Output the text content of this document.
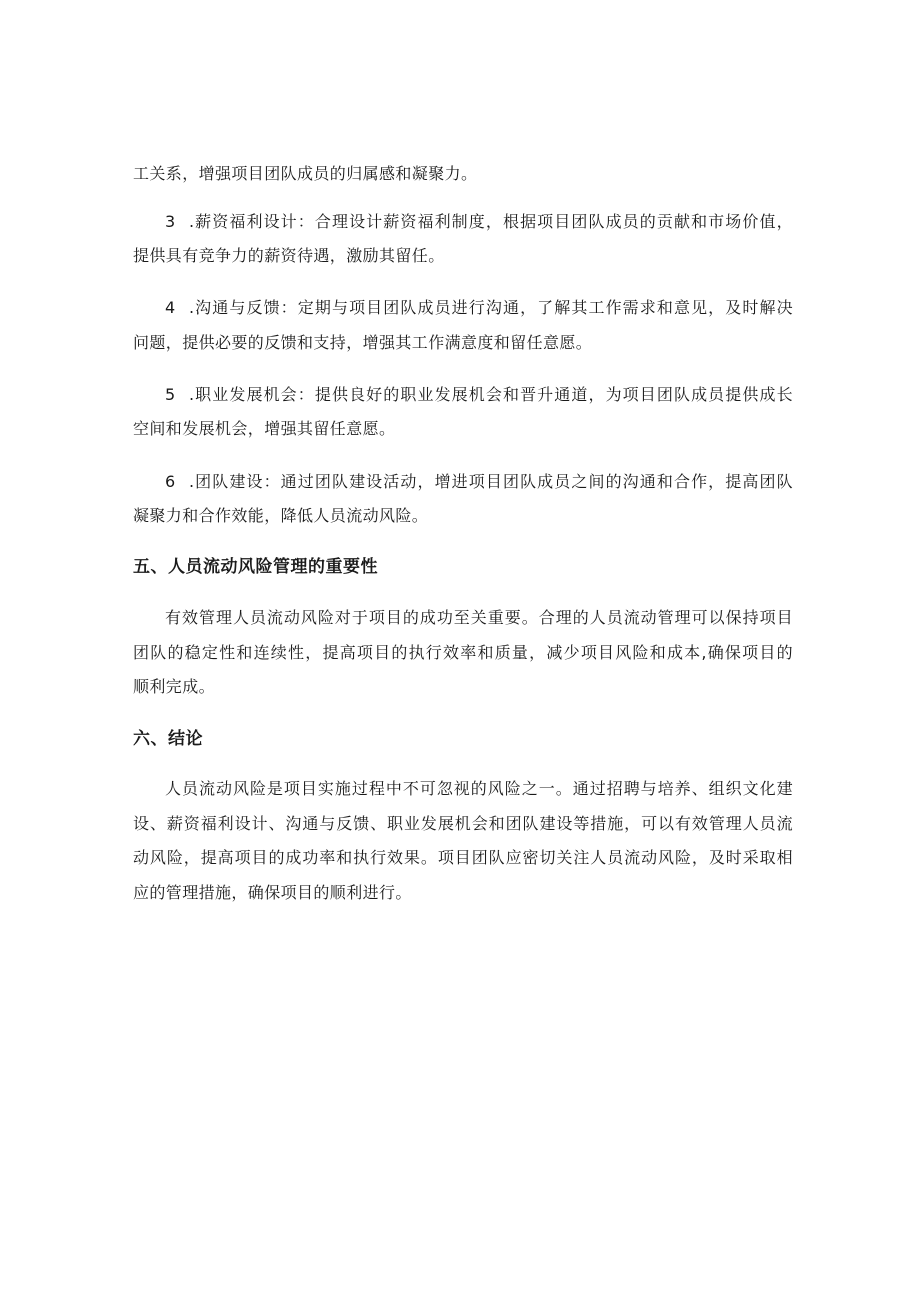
工关系，增强项目团队成员的归属感和凝聚力。
3 .薪资福利设计：合理设计薪资福利制度，根据项目团队成员的贡献和市场价值，
提供具有竞争力的薪资待遇，激励其留任。
4 .沟通与反馈：定期与项目团队成员进行沟通，了解其工作需求和意见，及时解决
问题，提供必要的反馈和支持，增强其工作满意度和留任意愿。
5 .职业发展机会：提供良好的职业发展机会和晋升通道，为项目团队成员提供成长
空间和发展机会，增强其留任意愿。
6 .团队建设：通过团队建设活动，增进项目团队成员之间的沟通和合作，提高团队
凝聚力和合作效能，降低人员流动风险。
五、人员流动风险管理的重要性
有效管理人员流动风险对于项目的成功至关重要。合理的人员流动管理可以保持项目
团队的稳定性和连续性，提高项目的执行效率和质量，减少项目风险和成本,确保项目的
顺利完成。
六、结论
人员流动风险是项目实施过程中不可忽视的风险之一。通过招聘与培养、组织文化建
设、薪资福利设计、沟通与反馈、职业发展机会和团队建设等措施，可以有效管理人员流
动风险，提高项目的成功率和执行效果。项目团队应密切关注人员流动风险，及时采取相
应的管理措施，确保项目的顺利进行。
